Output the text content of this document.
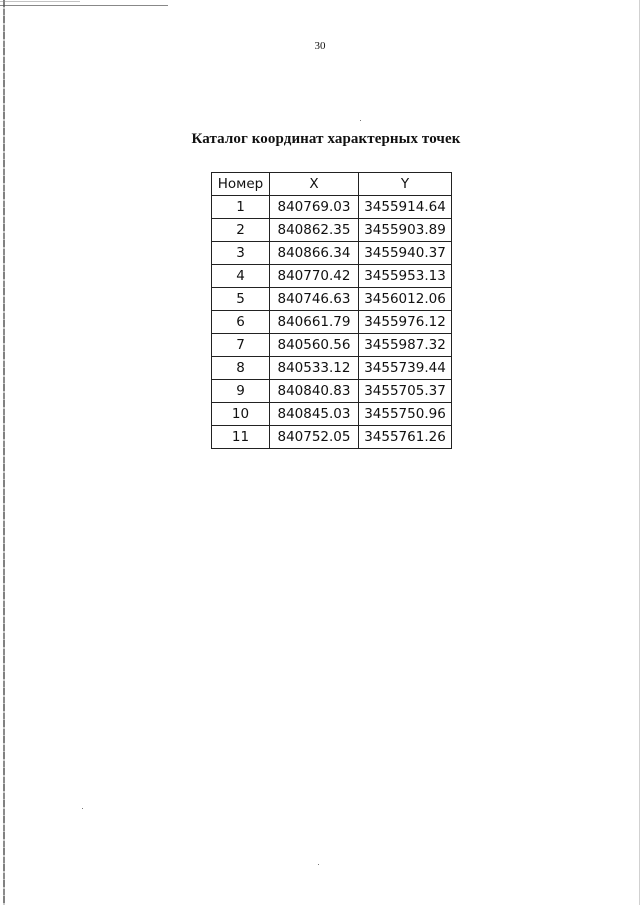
30
Каталог координат характерных точек
Номер	X	Y
1	840769.03	3455914.64
2	840862.35	3455903.89
3	840866.34	3455940.37
4	840770.42	3455953.13
5	840746.63	3456012.06
6	840661.79	3455976.12
7	840560.56	3455987.32
8	840533.12	3455739.44
9	840840.83	3455705.37
10	840845.03	3455750.96
11	840752.05	3455761.26
